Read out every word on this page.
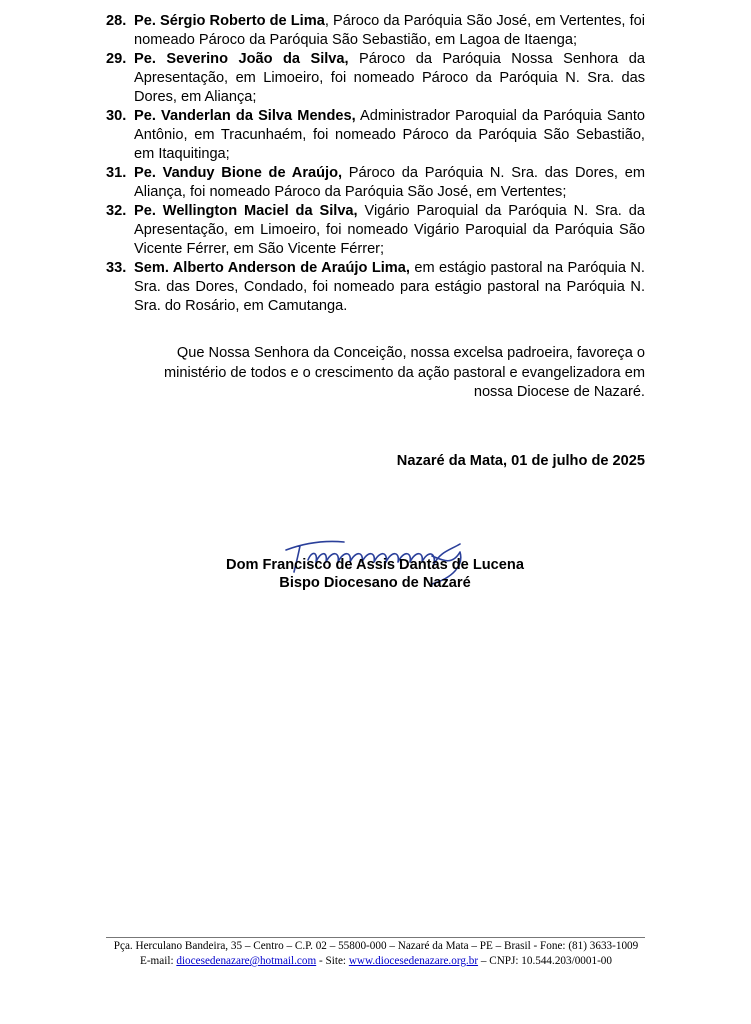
28. Pe. Sérgio Roberto de Lima, Pároco da Paróquia São José, em Vertentes, foi nomeado Pároco da Paróquia São Sebastião, em Lagoa de Itaenga;
29. Pe. Severino João da Silva, Pároco da Paróquia Nossa Senhora da Apresentação, em Limoeiro, foi nomeado Pároco da Paróquia N. Sra. das Dores, em Aliança;
30. Pe. Vanderlan da Silva Mendes, Administrador Paroquial da Paróquia Santo Antônio, em Tracunhaém, foi nomeado Pároco da Paróquia São Sebastião, em Itaquitinga;
31. Pe. Vanduy Bione de Araújo, Pároco da Paróquia N. Sra. das Dores, em Aliança, foi nomeado Pároco da Paróquia São José, em Vertentes;
32. Pe. Wellington Maciel da Silva, Vigário Paroquial da Paróquia N. Sra. da Apresentação, em Limoeiro, foi nomeado Vigário Paroquial da Paróquia São Vicente Férrer, em São Vicente Férrer;
33. Sem. Alberto Anderson de Araújo Lima, em estágio pastoral na Paróquia N. Sra. das Dores, Condado, foi nomeado para estágio pastoral na Paróquia N. Sra. do Rosário, em Camutanga.
Que Nossa Senhora da Conceição, nossa excelsa padroeira, favoreça o ministério de todos e o crescimento da ação pastoral e evangelizadora em nossa Diocese de Nazaré.
Nazaré da Mata, 01 de julho de 2025
Dom Francisco de Assis Dantas de Lucena
Bispo Diocesano de Nazaré
Pça. Herculano Bandeira, 35 – Centro – C.P. 02 – 55800-000 – Nazaré da Mata – PE – Brasil - Fone: (81) 3633-1009
E-mail: diocesedenazare@hotmail.com - Site: www.diocesedenazare.org.br – CNPJ: 10.544.203/0001-00
